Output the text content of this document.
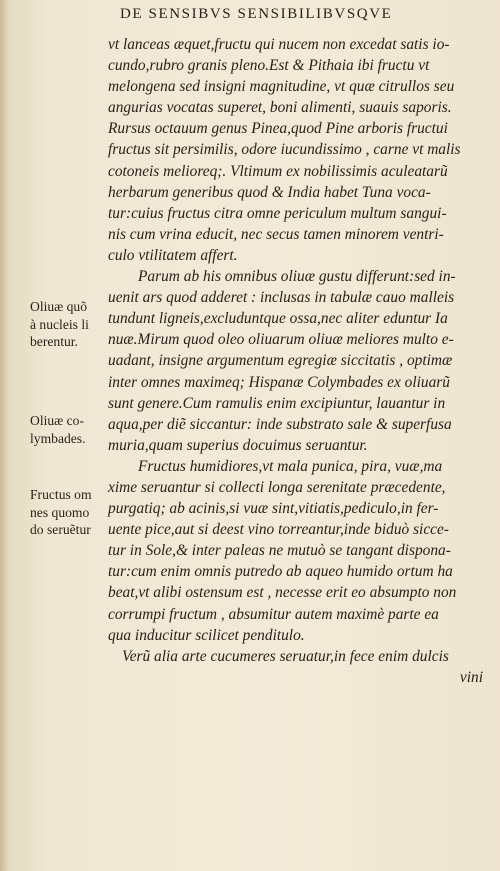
DE SENSIBVS SENSIBILIBVSQVE
vt lanceas æquet,fructu qui nucem non excedat satis io-
cundo,rubro granis pleno.Est & Pithaia ibi fructu vt
melongena sed insigni magnitudine, vt quæ citrullos seu
angurias vocatas superet, boni alimenti, suauis saporis.
Rursus octauum genus Pinea,quod Pine arboris fructui
fructus sit persimilis, odore iucundissimo , carne vt malis
cotoneis melioreq;. Vltimum ex nobilissimis aculeatarũ
herbarum generibus quod & India habet Tuna voca-
tur:cuius fructus citra omne periculum multum sangui-
nis cum vrina educit, nec secus tamen minorem ventri-
culo vtilitatem affert.
Parum ab his omnibus oliuæ gustu differunt:sed in-
uenit ars quod adderet : inclusas in tabulæ cauo malleis
tundunt ligneis,excluduntque ossa,nec aliter eduntur Ia
nuæ.Mirum quod oleo oliuarum oliuæ meliores multo e-
uadant, insigne argumentum egregiæ siccitatis , optimæ
inter omnes maximeq; Hispanæ Colymbades ex oliuarũ
sunt genere.Cum ramulis enim excipiuntur, lauantur in
aqua,per diẽ siccantur: inde substrato sale & superfusa
muria,quam superius docuimus seruantur.
Fructus humidiores,vt mala punica, pira, vuæ,ma
xime seruantur si collecti longa serenitate præcedente,
purgatiq; ab acinis,si vuæ sint,vitiatis,pediculo,in fer-
uente pice,aut si deest vino torreantur,inde biduò sicce-
tur in Sole,& inter paleas ne mutuò se tangant dispona-
tur:cum enim omnis putredo ab aqueo humido ortum ha
beat,vt alibi ostensum est , necesse erit eo absumpto non
corrumpi fructum , absumitur autem maximè parte ea
qua inducitur scilicet penditulo.
Verũ alia arte cucumeres seruatur,in fece enim dulcis
vini
Oliuæ quõ
à nucleis li
berentur.
Oliuæ co-
lymbades.
Fructus om
nes quomo
do seruẽtur
